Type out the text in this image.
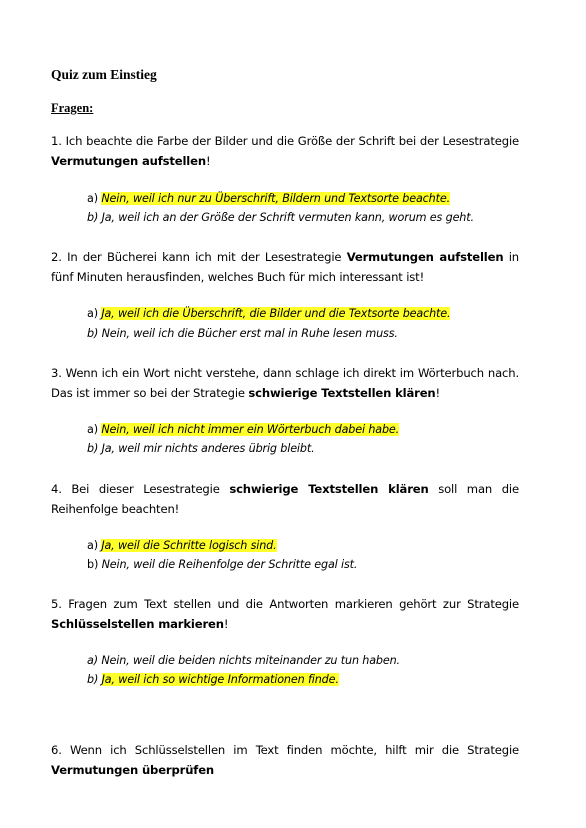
Quiz zum Einstieg
Fragen:
1. Ich beachte die Farbe der Bilder und die Größe der Schrift bei der Lesestrategie Vermutungen aufstellen!
a) Nein, weil ich nur zu Überschrift, Bildern und Textsorte beachte.
b) Ja, weil ich an der Größe der Schrift vermuten kann, worum es geht.
2. In der Bücherei kann ich mit der Lesestrategie Vermutungen aufstellen in fünf Minuten herausfinden, welches Buch für mich interessant ist!
a) Ja, weil ich die Überschrift, die Bilder und die Textsorte beachte.
b) Nein, weil ich die Bücher erst mal in Ruhe lesen muss.
3. Wenn ich ein Wort nicht verstehe, dann schlage ich direkt im Wörterbuch nach. Das ist immer so bei der Strategie schwierige Textstellen klären!
a) Nein, weil ich nicht immer ein Wörterbuch dabei habe.
b) Ja, weil mir nichts anderes übrig bleibt.
4. Bei dieser Lesestrategie schwierige Textstellen klären soll man die Reihenfolge beachten!
a) Ja, weil die Schritte logisch sind.
b) Nein, weil die Reihenfolge der Schritte egal ist.
5. Fragen zum Text stellen und die Antworten markieren gehört zur Strategie Schlüsselstellen markieren!
a) Nein, weil die beiden nichts miteinander zu tun haben.
b) Ja, weil ich so wichtige Informationen finde.
6. Wenn ich Schlüsselstellen im Text finden möchte, hilft mir die Strategie Vermutungen überprüfen
